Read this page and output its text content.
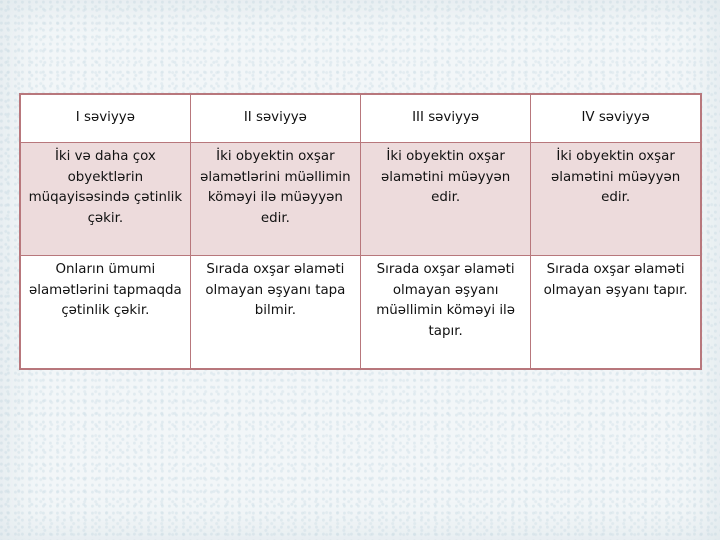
I səviyyə	II səviyyə	III səviyyə	IV səviyyə
İki və daha çox obyektlərin müqayisəsində çətinlik çəkir.	İki obyektin oxşar əlamətlərini müəllimin köməyi ilə müəyyən edir.	İki obyektin oxşar əlamətini müəyyən edir.	İki obyektin oxşar əlamətini müəyyən edir.
Onların ümumi əlamətlərini tapmaqda çətinlik çəkir.	Sırada oxşar əlaməti olmayan əşyanı tapa bilmir.	Sırada oxşar əlaməti olmayan əşyanı müəllimin köməyi ilə tapır.	Sırada oxşar əlaməti olmayan əşyanı tapır.
